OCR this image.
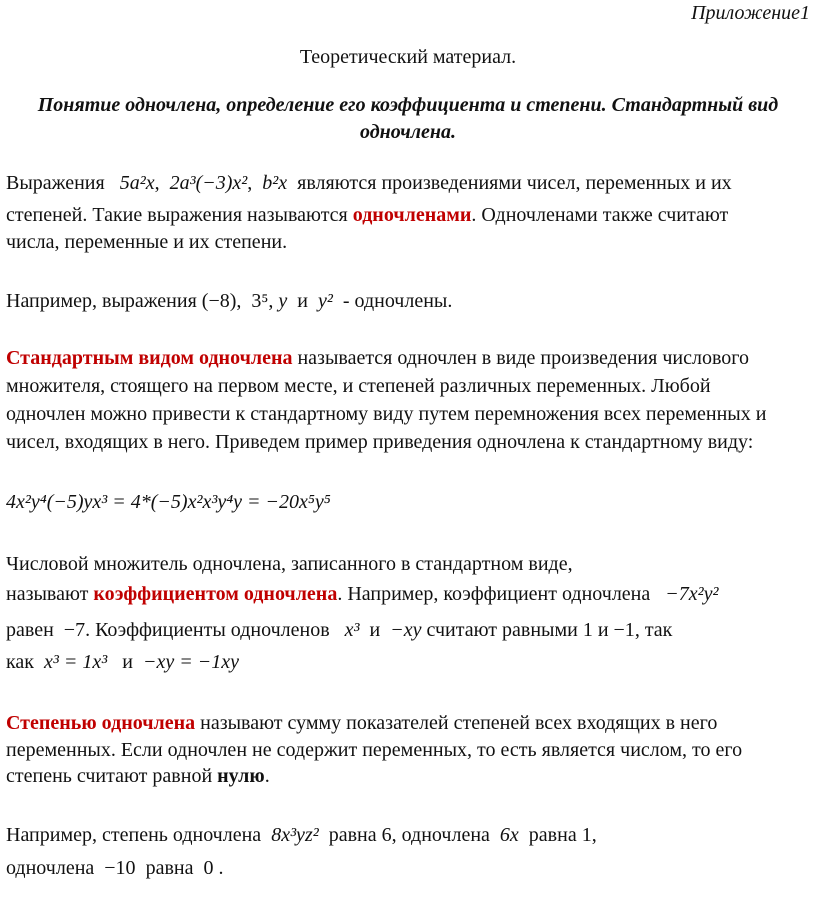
Приложение1
Теоретический материал.
Понятие одночлена, определение его коэффициента и степени. Стандартный вид
одночлена.
Выражения 5a²x,  2a³(−3)x²,  b²x являются произведениями чисел, переменных и их
степеней. Такие выражения называются одночленами. Одночленами также считают
числа, переменные и их степени.
Например, выражения (−8),  3⁵, y и y² - одночлены.
Стандартным видом одночлена называется одночлен в виде произведения числового
множителя, стоящего на первом месте, и степеней различных переменных. Любой
одночлен можно привести к стандартному виду путем перемножения всех переменных и
чисел, входящих в него. Приведем пример приведения одночлена к стандартному виду:
4x²y⁴(−5)yx³ = 4*(−5)x²x³y⁴y = −20x⁵y⁵
Числовой множитель одночлена, записанного в стандартном виде,
называют коэффициентом одночлена. Например, коэффициент одночлена −7x²y²
равен −7. Коэффициенты одночленов x³ и −xy считают равными 1 и −1, так
как x³ = 1x³ и −xy = −1xy
Степенью одночлена называют сумму показателей степеней всех входящих в него
переменных. Если одночлен не содержит переменных, то есть является числом, то его
степень считают равной нулю.
Например, степень одночлена 8x³yz² равна 6, одночлена 6x равна 1,
одночлена −10 равна 0 .
